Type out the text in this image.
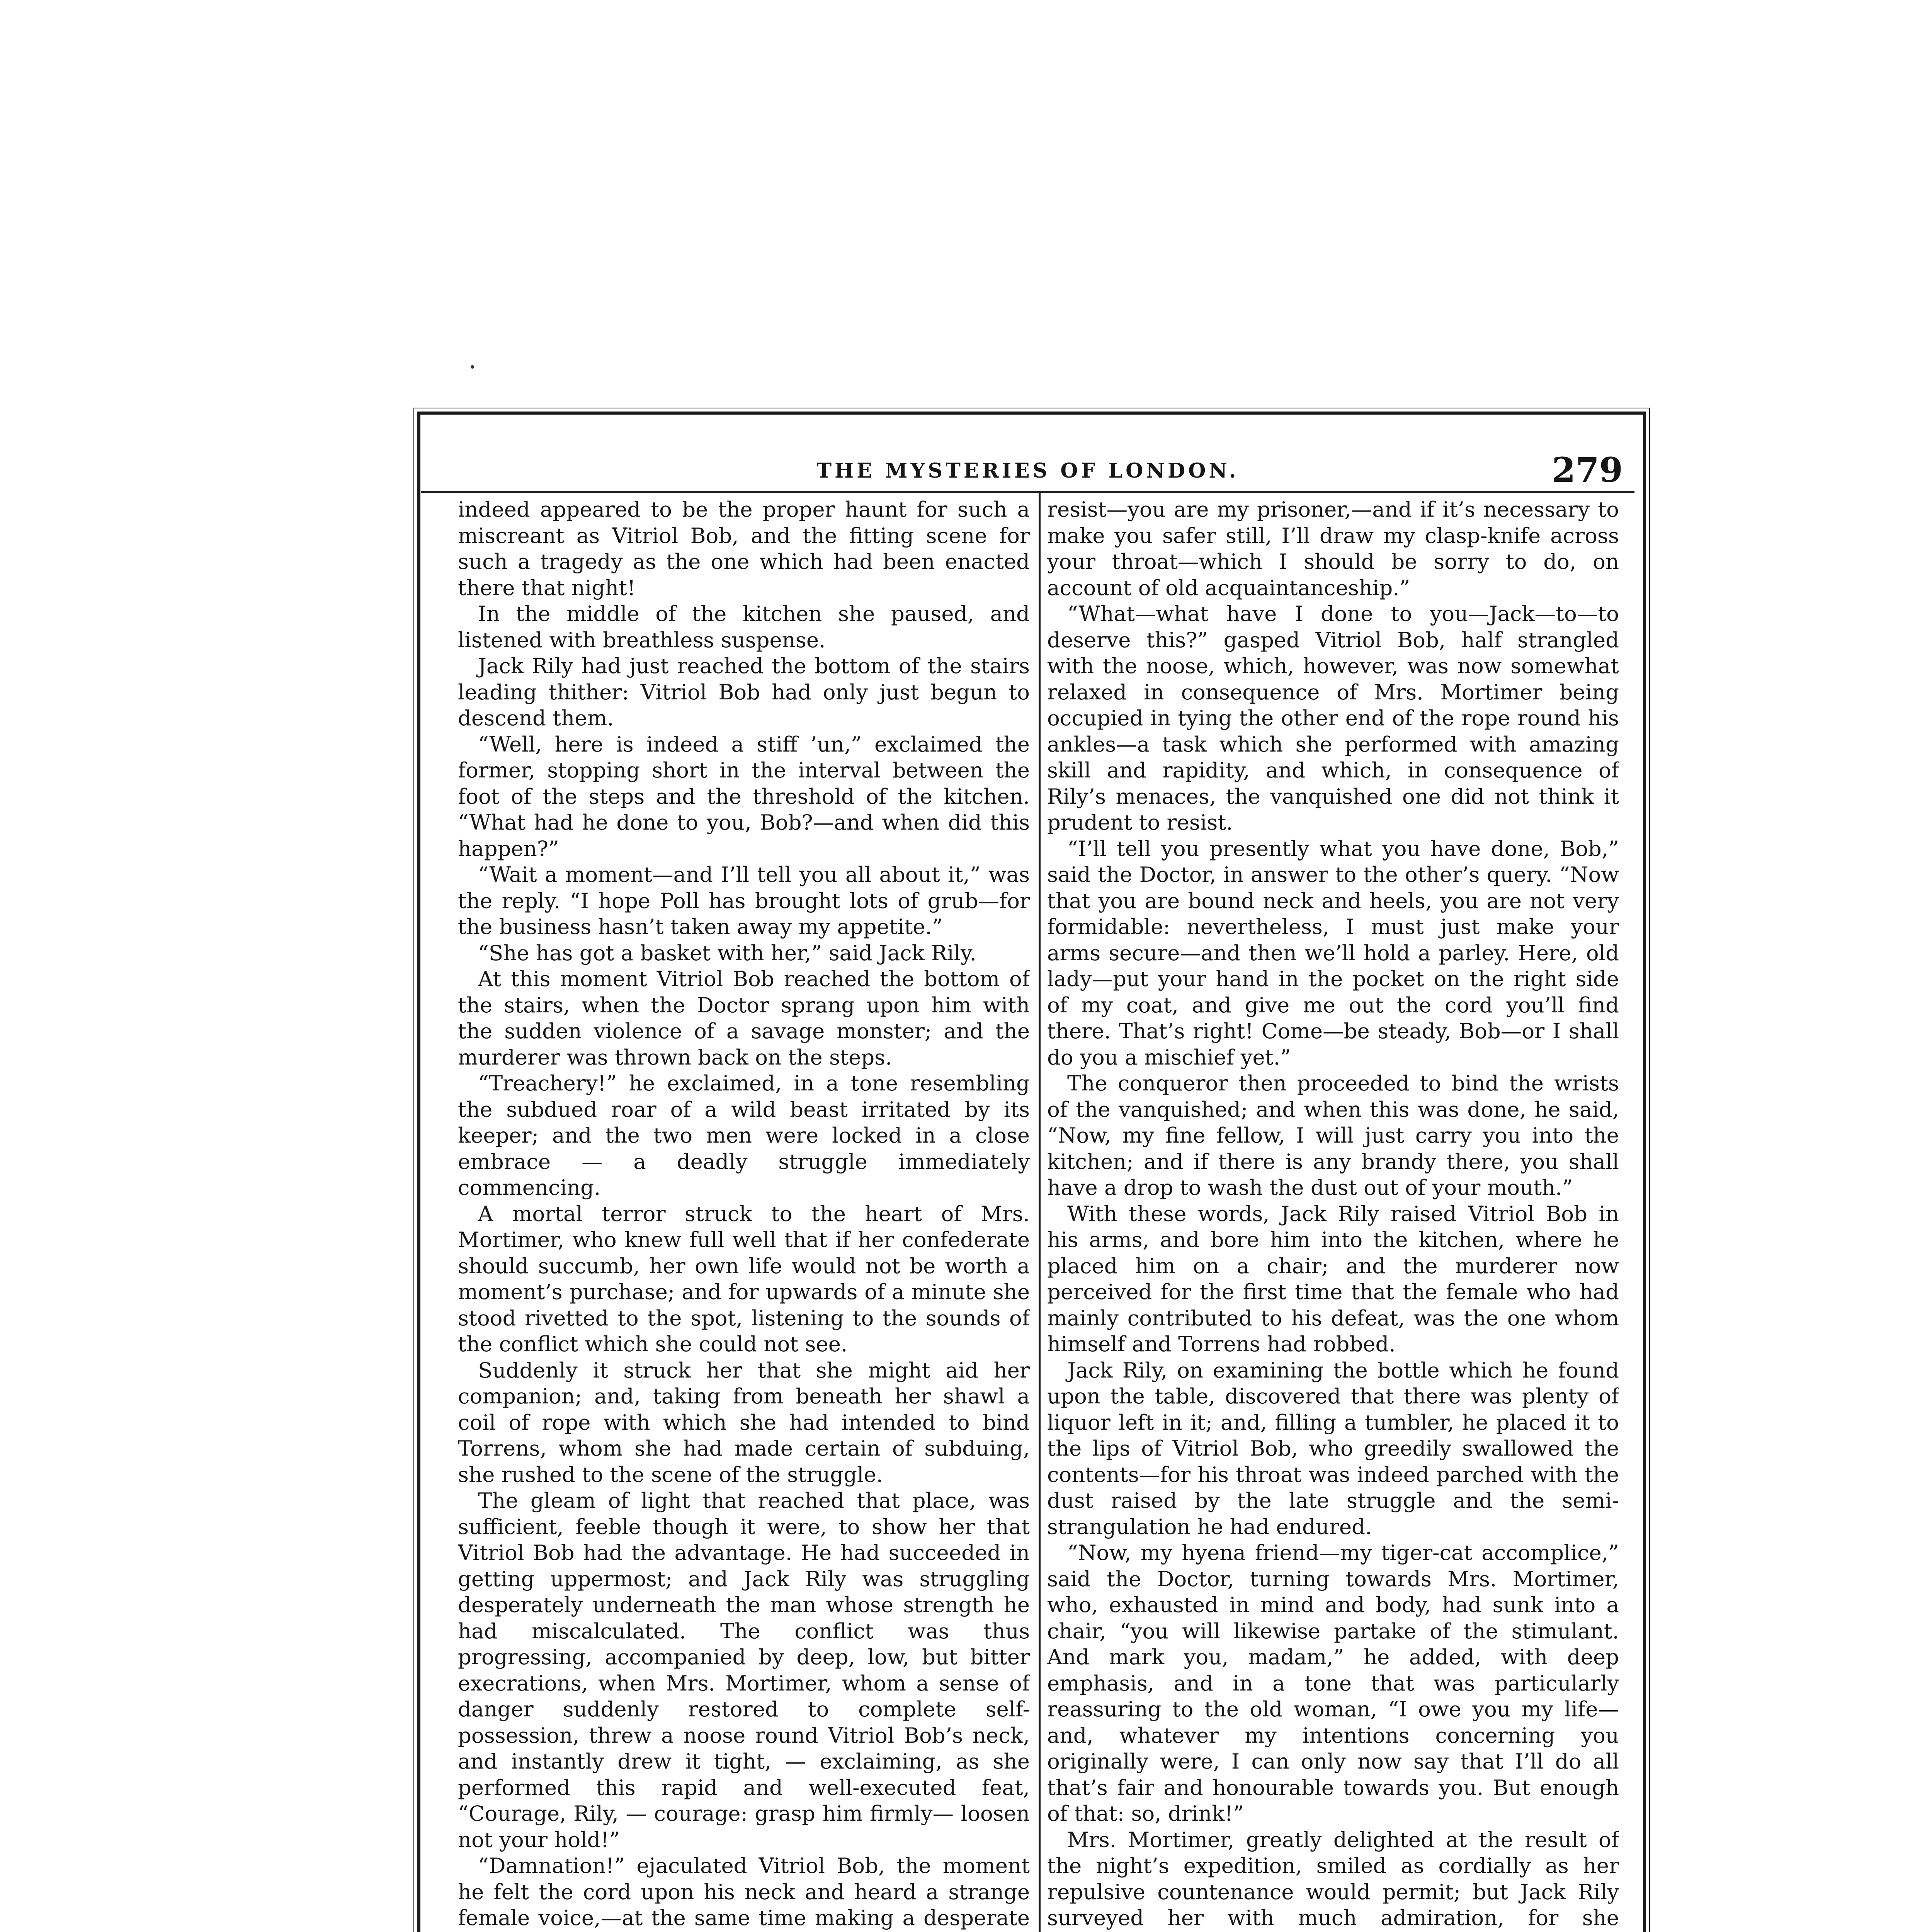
THE MYSTERIES OF LONDON.	279

indeed appeared to be the proper haunt for such a miscreant as Vitriol Bob, and the fitting scene for such a tragedy as the one which had been enacted there that night!

In the middle of the kitchen she paused, and listened with breathless suspense.

Jack Rily had just reached the bottom of the stairs leading thither: Vitriol Bob had only just begun to descend them.

“Well, here is indeed a stiff ’un,” exclaimed the former, stopping short in the interval between the foot of the steps and the threshold of the kitchen. “What had he done to you, Bob?—and when did this happen?”

“Wait a moment—and I’ll tell you all about it,” was the reply. “I hope Poll has brought lots of grub—for the business hasn’t taken away my appetite.”

“She has got a basket with her,” said Jack Rily.

At this moment Vitriol Bob reached the bottom of the stairs, when the Doctor sprang upon him with the sudden violence of a savage monster; and the murderer was thrown back on the steps.

“Treachery!” he exclaimed, in a tone resembling the subdued roar of a wild beast irritated by its keeper; and the two men were locked in a close embrace — a deadly struggle immediately commencing.

A mortal terror struck to the heart of Mrs. Mortimer, who knew full well that if her confederate should succumb, her own life would not be worth a moment’s purchase; and for upwards of a minute she stood rivetted to the spot, listening to the sounds of the conflict which she could not see.

Suddenly it struck her that she might aid her companion; and, taking from beneath her shawl a coil of rope with which she had intended to bind Torrens, whom she had made certain of subduing, she rushed to the scene of the struggle.

The gleam of light that reached that place, was sufficient, feeble though it were, to show her that Vitriol Bob had the advantage. He had succeeded in getting uppermost; and Jack Rily was struggling desperately underneath the man whose strength he had miscalculated. The conflict was thus progressing, accompanied by deep, low, but bitter execrations, when Mrs. Mortimer, whom a sense of danger suddenly restored to complete self-possession, threw a noose round Vitriol Bob’s neck, and instantly drew it tight, — exclaiming, as she performed this rapid and well-executed feat, “Courage, Rily, — courage: grasp him firmly— loosen not your hold!”

“Damnation!” ejaculated Vitriol Bob, the moment he felt the cord upon his neck and heard a strange female voice,—at the same time making a desperate

resist—you are my prisoner,—and if it’s necessary to make you safer still, I’ll draw my clasp-knife across your throat—which I should be sorry to do, on account of old acquaintanceship.”

“What—what have I done to you—Jack—to—to deserve this?” gasped Vitriol Bob, half strangled with the noose, which, however, was now somewhat relaxed in consequence of Mrs. Mortimer being occupied in tying the other end of the rope round his ankles—a task which she performed with amazing skill and rapidity, and which, in consequence of Rily’s menaces, the vanquished one did not think it prudent to resist.

“I’ll tell you presently what you have done, Bob,” said the Doctor, in answer to the other’s query. “Now that you are bound neck and heels, you are not very formidable: nevertheless, I must just make your arms secure—and then we’ll hold a parley. Here, old lady—put your hand in the pocket on the right side of my coat, and give me out the cord you’ll find there. That’s right! Come—be steady, Bob—or I shall do you a mischief yet.”

The conqueror then proceeded to bind the wrists of the vanquished; and when this was done, he said, “Now, my fine fellow, I will just carry you into the kitchen; and if there is any brandy there, you shall have a drop to wash the dust out of your mouth.”

With these words, Jack Rily raised Vitriol Bob in his arms, and bore him into the kitchen, where he placed him on a chair; and the murderer now perceived for the first time that the female who had mainly contributed to his defeat, was the one whom himself and Torrens had robbed.

Jack Rily, on examining the bottle which he found upon the table, discovered that there was plenty of liquor left in it; and, filling a tumbler, he placed it to the lips of Vitriol Bob, who greedily swallowed the contents—for his throat was indeed parched with the dust raised by the late struggle and the semi-strangulation he had endured.

“Now, my hyena friend—my tiger-cat accomplice,” said the Doctor, turning towards Mrs. Mortimer, who, exhausted in mind and body, had sunk into a chair, “you will likewise partake of the stimulant. And mark you, madam,” he added, with deep emphasis, and in a tone that was particularly reassuring to the old woman, “I owe you my life— and, whatever my intentions concerning you originally were, I can only now say that I’ll do all that’s fair and honourable towards you. But enough of that: so, drink!”

Mrs. Mortimer, greatly delighted at the result of the night’s expedition, smiled as cordially as her repulsive countenance would permit; but Jack Rily surveyed her with much admiration, for she
